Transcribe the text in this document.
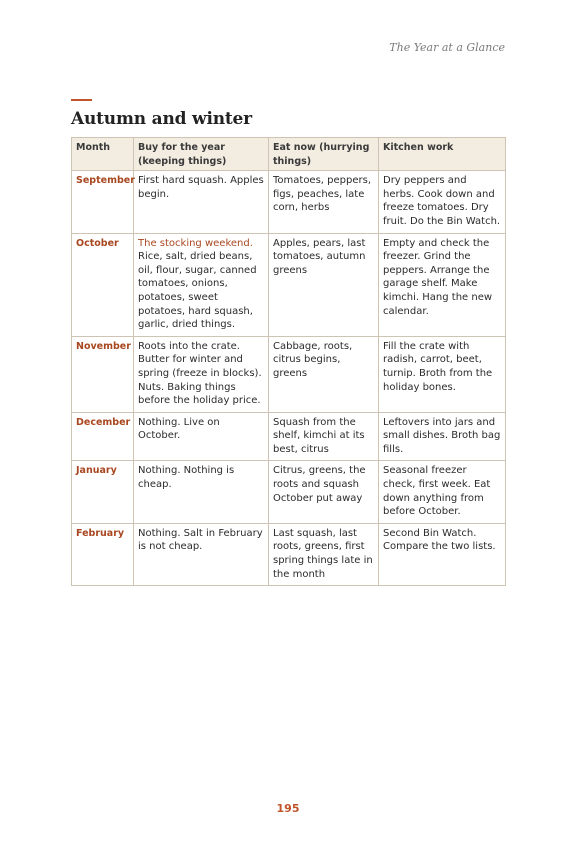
The Year at a Glance
Autumn and winter
Month	Buy for the year (keeping things)	Eat now (hurrying things)	Kitchen work
September	First hard squash. Apples begin.	Tomatoes, peppers, figs, peaches, late corn, herbs	Dry peppers and herbs. Cook down and freeze tomatoes. Dry fruit. Do the Bin Watch.
October	The stocking weekend. Rice, salt, dried beans, oil, flour, sugar, canned tomatoes, onions, potatoes, sweet potatoes, hard squash, garlic, dried things.	Apples, pears, last tomatoes, autumn greens	Empty and check the freezer. Grind the peppers. Arrange the garage shelf. Make kimchi. Hang the new calendar.
November	Roots into the crate. Butter for winter and spring (freeze in blocks). Nuts. Baking things before the holiday price.	Cabbage, roots, citrus begins, greens	Fill the crate with radish, carrot, beet, turnip. Broth from the holiday bones.
December	Nothing. Live on October.	Squash from the shelf, kimchi at its best, citrus	Leftovers into jars and small dishes. Broth bag fills.
January	Nothing. Nothing is cheap.	Citrus, greens, the roots and squash October put away	Seasonal freezer check, first week. Eat down anything from before October.
February	Nothing. Salt in February is not cheap.	Last squash, last roots, greens, first spring things late in the month	Second Bin Watch. Compare the two lists.
195
